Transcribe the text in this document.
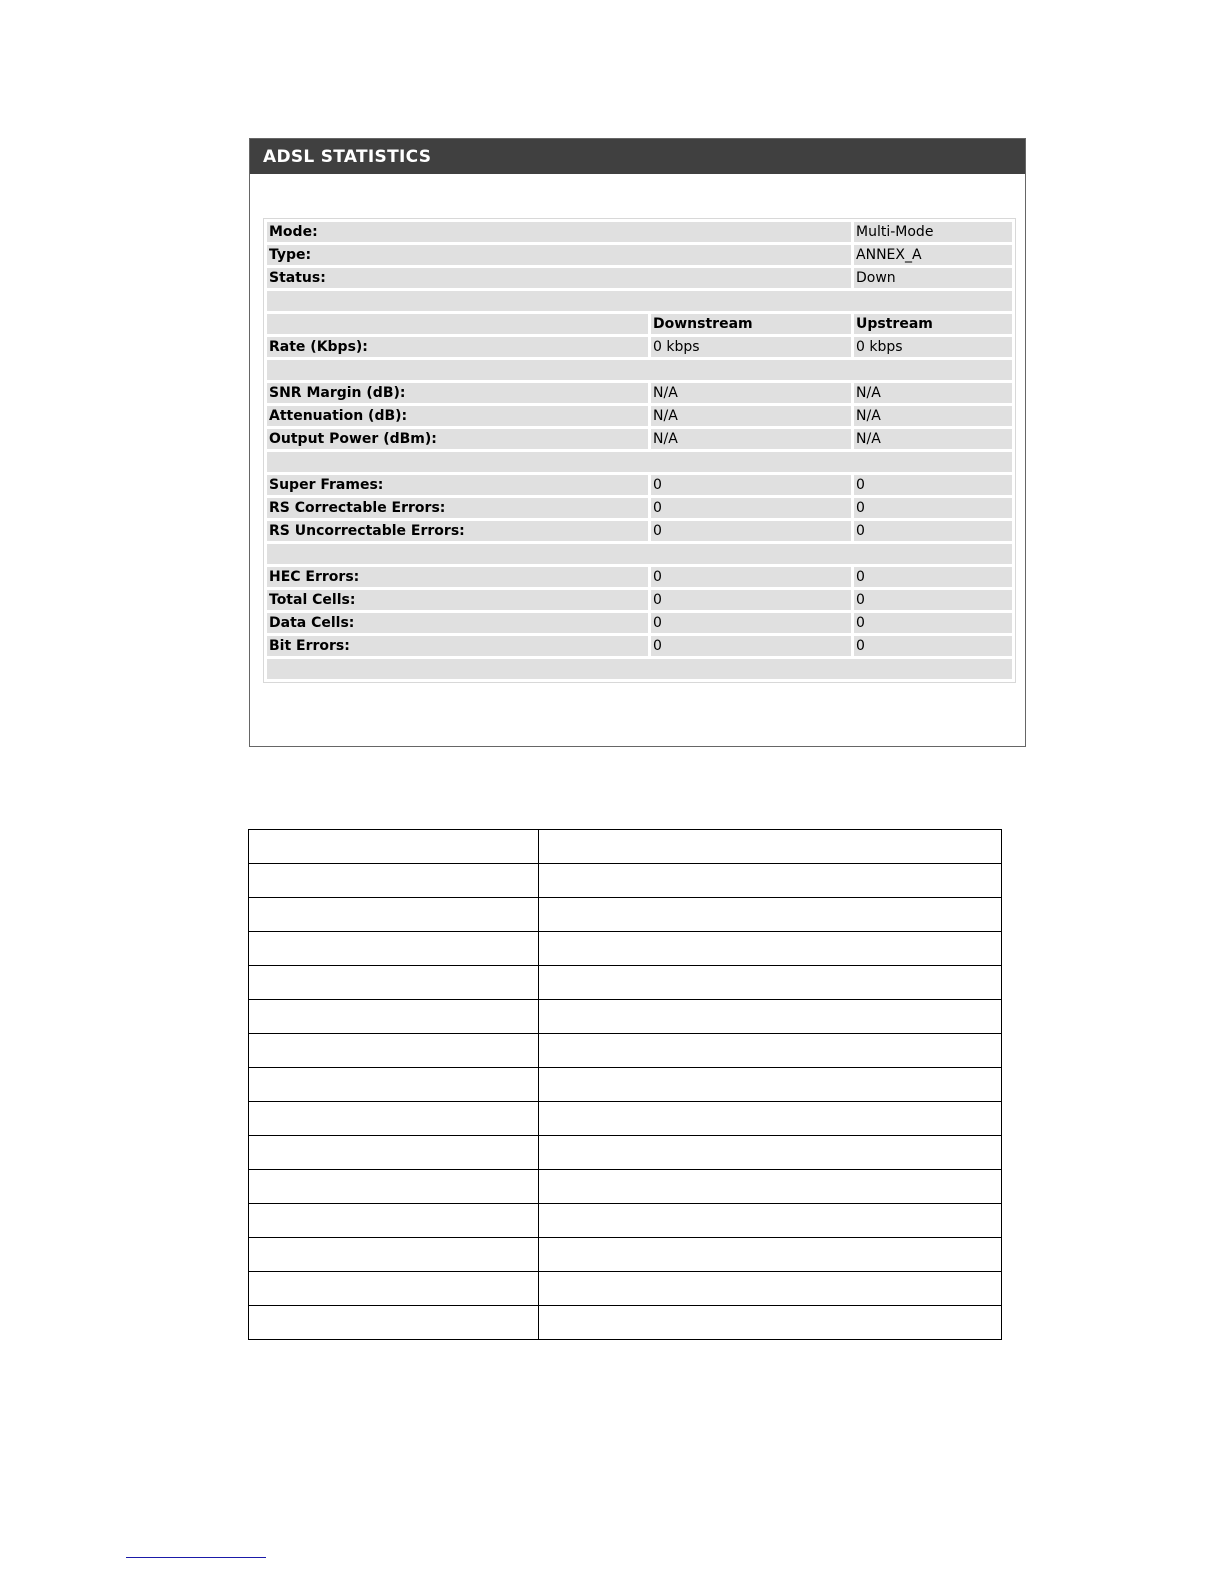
ADSL STATISTICS
Mode:		Multi-Mode
Type:		ANNEX_A
Status:		Down

	Downstream	Upstream
Rate (Kbps):	0 kbps	0 kbps

SNR Margin (dB):	N/A	N/A
Attenuation (dB):	N/A	N/A
Output Power (dBm):	N/A	N/A

Super Frames:	0	0
RS Correctable Errors:	0	0
RS Uncorrectable Errors:	0	0

HEC Errors:	0	0
Total Cells:	0	0
Data Cells:	0	0
Bit Errors:	0	0
